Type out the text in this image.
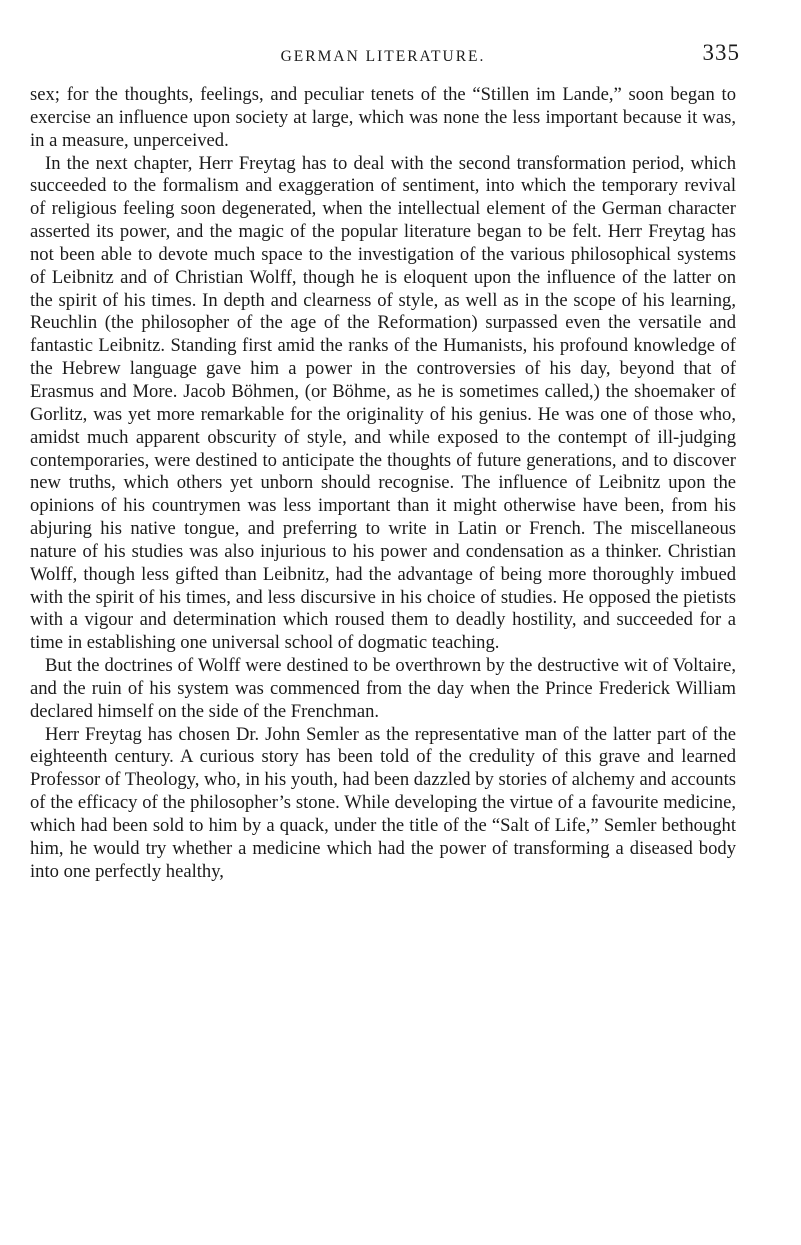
GERMAN LITERATURE.	335

sex; for the thoughts, feelings, and peculiar tenets of the “Stillen im Lande,” soon began to exercise an influence upon society at large, which was none the less important because it was, in a measure, unperceived.

In the next chapter, Herr Freytag has to deal with the second transformation period, which succeeded to the formalism and exaggeration of sentiment, into which the temporary revival of religious feeling soon degenerated, when the intellectual element of the German character asserted its power, and the magic of the popular literature began to be felt. Herr Freytag has not been able to devote much space to the investigation of the various philosophical systems of Leibnitz and of Christian Wolff, though he is eloquent upon the influence of the latter on the spirit of his times. In depth and clearness of style, as well as in the scope of his learning, Reuchlin (the philosopher of the age of the Reformation) surpassed even the versatile and fantastic Leibnitz. Standing first amid the ranks of the Humanists, his profound knowledge of the Hebrew language gave him a power in the controversies of his day, beyond that of Erasmus and More. Jacob Böhmen, (or Böhme, as he is sometimes called,) the shoemaker of Gorlitz, was yet more remarkable for the originality of his genius. He was one of those who, amidst much apparent obscurity of style, and while exposed to the contempt of ill-judging contemporaries, were destined to anticipate the thoughts of future generations, and to discover new truths, which others yet unborn should recognise. The influence of Leibnitz upon the opinions of his countrymen was less important than it might otherwise have been, from his abjuring his native tongue, and preferring to write in Latin or French. The miscellaneous nature of his studies was also injurious to his power and condensation as a thinker. Christian Wolff, though less gifted than Leibnitz, had the advantage of being more thoroughly imbued with the spirit of his times, and less discursive in his choice of studies. He opposed the pietists with a vigour and determination which roused them to deadly hostility, and succeeded for a time in establishing one universal school of dogmatic teaching.

But the doctrines of Wolff were destined to be overthrown by the destructive wit of Voltaire, and the ruin of his system was commenced from the day when the Prince Frederick William declared himself on the side of the Frenchman.

Herr Freytag has chosen Dr. John Semler as the representative man of the latter part of the eighteenth century. A curious story has been told of the credulity of this grave and learned Professor of Theology, who, in his youth, had been dazzled by stories of alchemy and accounts of the efficacy of the philosopher’s stone. While developing the virtue of a favourite medicine, which had been sold to him by a quack, under the title of the “Salt of Life,” Semler bethought him, he would try whether a medicine which had the power of transforming a diseased body into one perfectly healthy,
